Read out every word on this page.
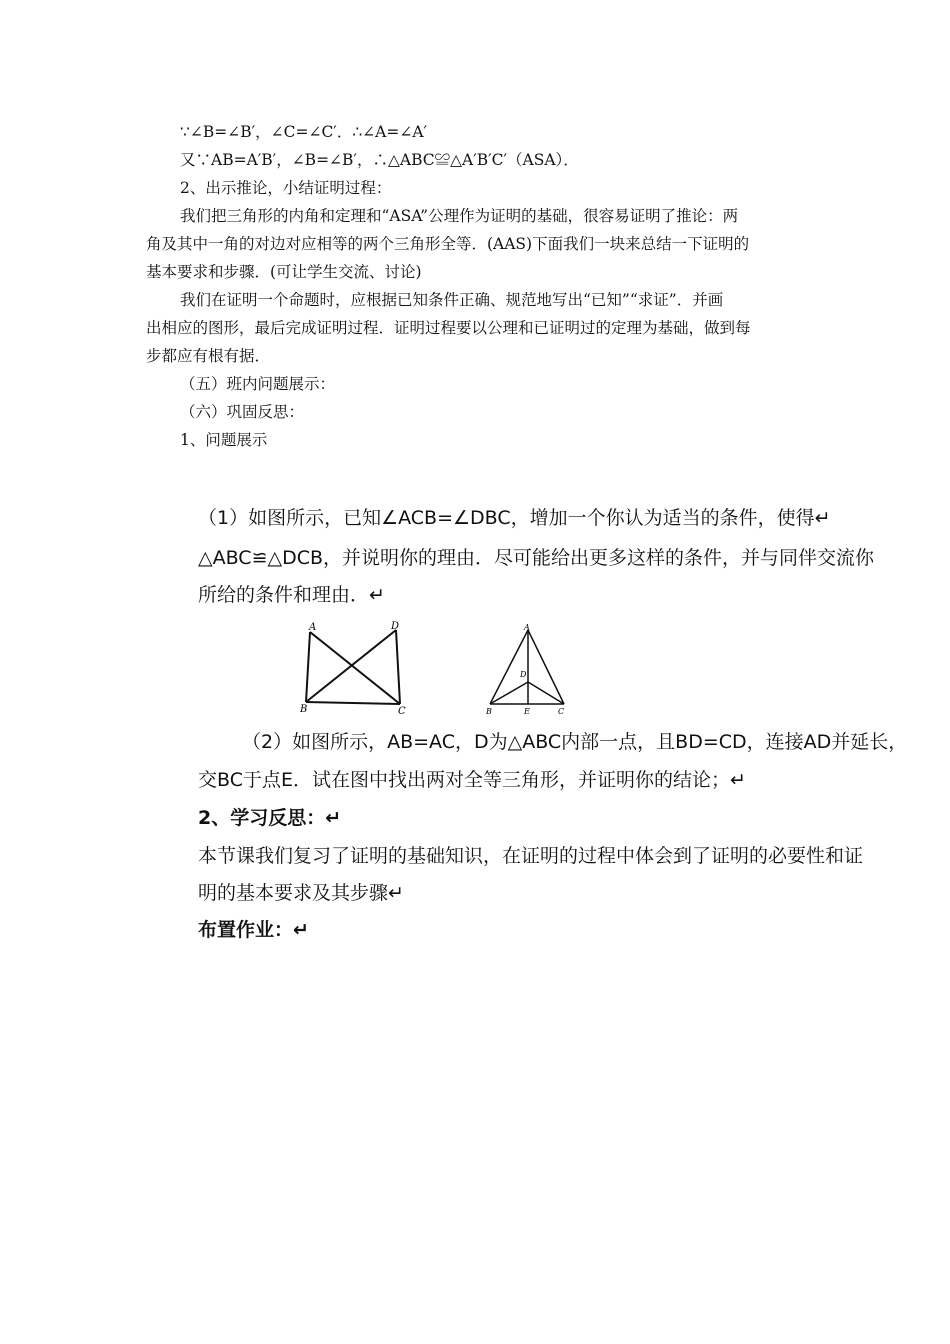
∵∠B=∠B′，∠C=∠C′．∴∠A=∠A′
又∵AB=A′B′，∠B=∠B′，∴△ABC≌△A′B′C′（ASA）．
2、出示推论，小结证明过程：
我们把三角形的内角和定理和“ASA”公理作为证明的基础，很容易证明了推论：两
角及其中一角的对边对应相等的两个三角形全等．(AAS)下面我们一块来总结一下证明的
基本要求和步骤．(可让学生交流、讨论)
我们在证明一个命题时，应根据已知条件正确、规范地写出“已知”“求证”．并画
出相应的图形，最后完成证明过程．证明过程要以公理和已证明过的定理为基础，做到每
步都应有根有据．
（五）班内问题展示：
（六）巩固反思：
1、问题展示
（1）如图所示，已知∠ACB=∠DBC，增加一个你认为适当的条件，使得↵
△ABC≌△DCB，并说明你的理由．尽可能给出更多这样的条件，并与同伴交流你
所给的条件和理由．↵
A	D
B	C
A
D
B	E	C
（2）如图所示，AB=AC，D为△ABC内部一点，且BD=CD，连接AD并延长，
交BC于点E．试在图中找出两对全等三角形，并证明你的结论；↵
2、学习反思：↵
本节课我们复习了证明的基础知识，在证明的过程中体会到了证明的必要性和证
明的基本要求及其步骤↵
布置作业：↵
